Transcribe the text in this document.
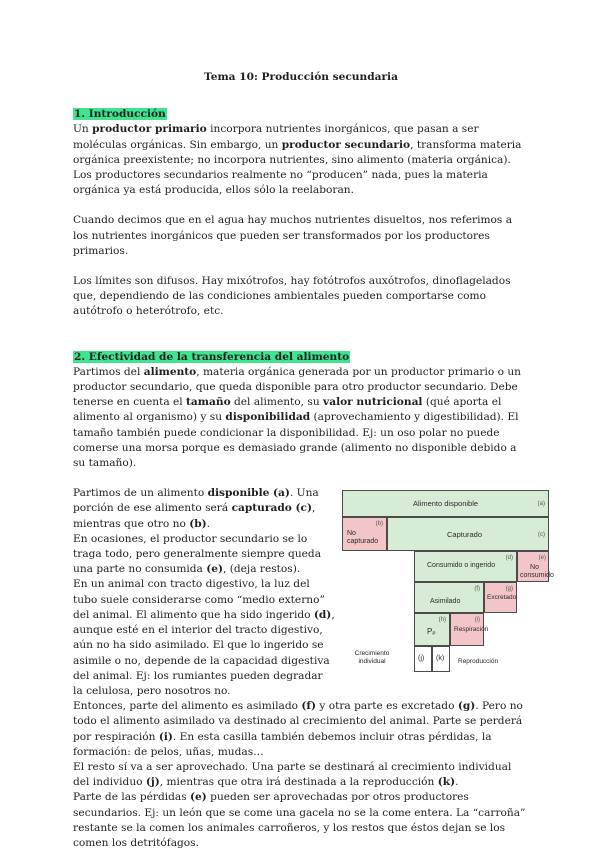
Tema 10: Producción secundaria
1. Introducción

Un productor primario incorpora nutrientes inorgánicos, que pasan a ser moléculas orgánicas. Sin embargo, un productor secundario, transforma materia orgánica preexistente; no incorpora nutrientes, sino alimento (materia orgánica). Los productores secundarios realmente no “producen” nada, pues la materia orgánica ya está producida, ellos sólo la reelaboran.

Cuando decimos que en el agua hay muchos nutrientes disueltos, nos referimos a los nutrientes inorgánicos que pueden ser transformados por los productores primarios.

Los límites son difusos. Hay mixótrofos, hay fotótrofos auxótrofos, dinoflagelados que, dependiendo de las condiciones ambientales pueden comportarse como autótrofo o heterótrofo, etc.

2. Efectividad de la transferencia del alimento

Partimos del alimento, materia orgánica generada por un productor primario o un productor secundario, que queda disponible para otro productor secundario. Debe tenerse en cuenta el tamaño del alimento, su valor nutricional (qué aporta el alimento al organismo) y su disponibilidad (aprovechamiento y digestibilidad). El tamaño también puede condicionar la disponibilidad. Ej: un oso polar no puede comerse una morsa porque es demasiado grande (alimento no disponible debido a su tamaño).

Partimos de un alimento disponible (a). Una porción de ese alimento será capturado (c), mientras que otro no (b).

En ocasiones, el productor secundario se lo traga todo, pero generalmente siempre queda una parte no consumida (e), (deja restos).

En un animal con tracto digestivo, la luz del tubo suele considerarse como “medio externo” del animal. El alimento que ha sido ingerido (d), aunque esté en el interior del tracto digestivo, aún no ha sido asimilado. El que lo ingerido se asimile o no, depende de la capacidad digestiva del animal. Ej: los rumiantes pueden degradar la celulosa, pero nosotros no.

Alimento disponible	(a)
(b)
No capturado
Capturado	(c)
(d)
Consumido o ingerido
(e)
No consumido
(f)
Asimilado
(g)
Excretado
(h)
Pₚ
(i)
Respiración
(j) (k)
Crecimiento individual	Reproducción

Entonces, parte del alimento es asimilado (f) y otra parte es excretado (g). Pero no todo el alimento asimilado va destinado al crecimiento del animal. Parte se perderá por respiración (i). En esta casilla también debemos incluir otras pérdidas, la formación: de pelos, uñas, mudas…

El resto sí va a ser aprovechado. Una parte se destinará al crecimiento individual del individuo (j), mientras que otra irá destinada a la reproducción (k).

Parte de las pérdidas (e) pueden ser aprovechadas por otros productores secundarios. Ej: un león que se come una gacela no se la come entera. La “carroña” restante se la comen los animales carroñeros, y los restos que éstos dejan se los comen los detritófagos.
